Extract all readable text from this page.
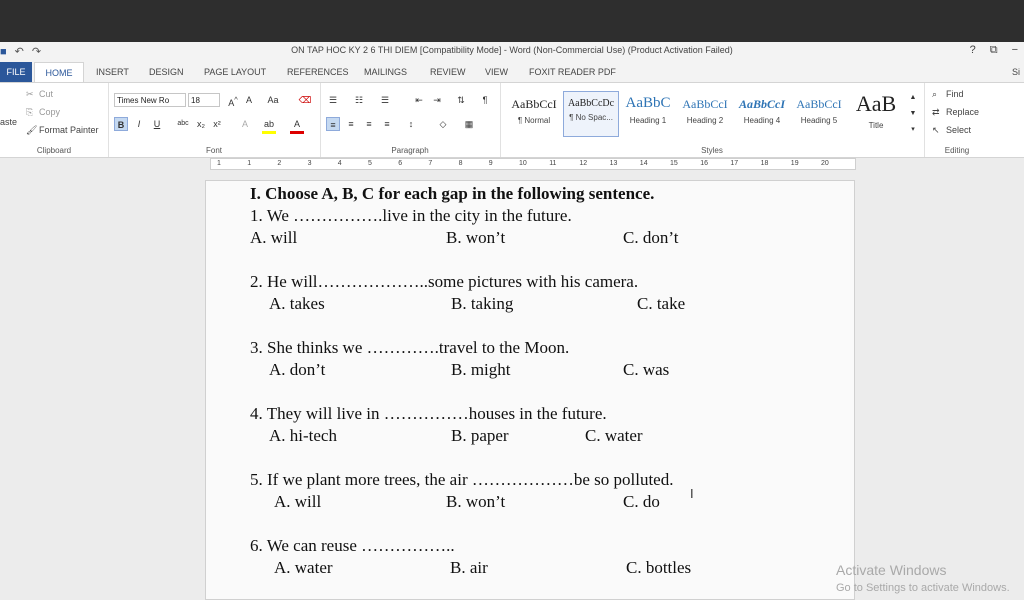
■ ↶ ↷	ON TAP HOC KY 2 6 THI DIEM [Compatibility Mode] - Word (Non-Commercial Use) (Product Activation Failed)	? ⧉ −
FILE	HOME	INSERT DESIGN PAGE LAYOUT REFERENCES MAILINGS	REVIEW VIEW FOXIT READER PDF	Si
aste
✂ Cut
⎘ Copy
🖌 Format Painter
Clipboard
Times New Ro	18	A^ A	Aa ⌫
B	I	U	abc x₂ x²	A	ab	A
Font
☰	☷	☰	⇤	⇥	⇅	¶
≡	≡	≡	≡	↕	◇	▦
Paragraph
AaBbCcI
¶ Normal
AaBbCcDc
¶ No Spac...
AaBbC
Heading 1
AaBbCcI
Heading 2
AaBbCcI
Heading 4
AaBbCcI
Heading 5
AaB
Title
▲
▼
▾
Styles
⌕ Find
⇄ Replace
↖ Select
Editing
1	1	2	3	4	5	6	7	8	9	10	11	12	13	14	15	16	17	18	19	20
I. Choose A, B, C for each gap in the following sentence.
1. We …………….live in the city in the future.
A. will	B. won’t	C. don’t
2. He will………………..some pictures with his camera.
A. takes	B. taking	C. take
3. She thinks we ………….travel to the Moon.
A. don’t	B. might	C. was
4. They will live in ……………houses in the future.
A. hi-tech	B. paper	C. water
5. If we plant more trees, the air ………………be so polluted.
A. will	B. won’t	C. do
6. We can reuse ……………..
A. water	B. air	C. bottles
I
Activate Windows
Go to Settings to activate Windows.
